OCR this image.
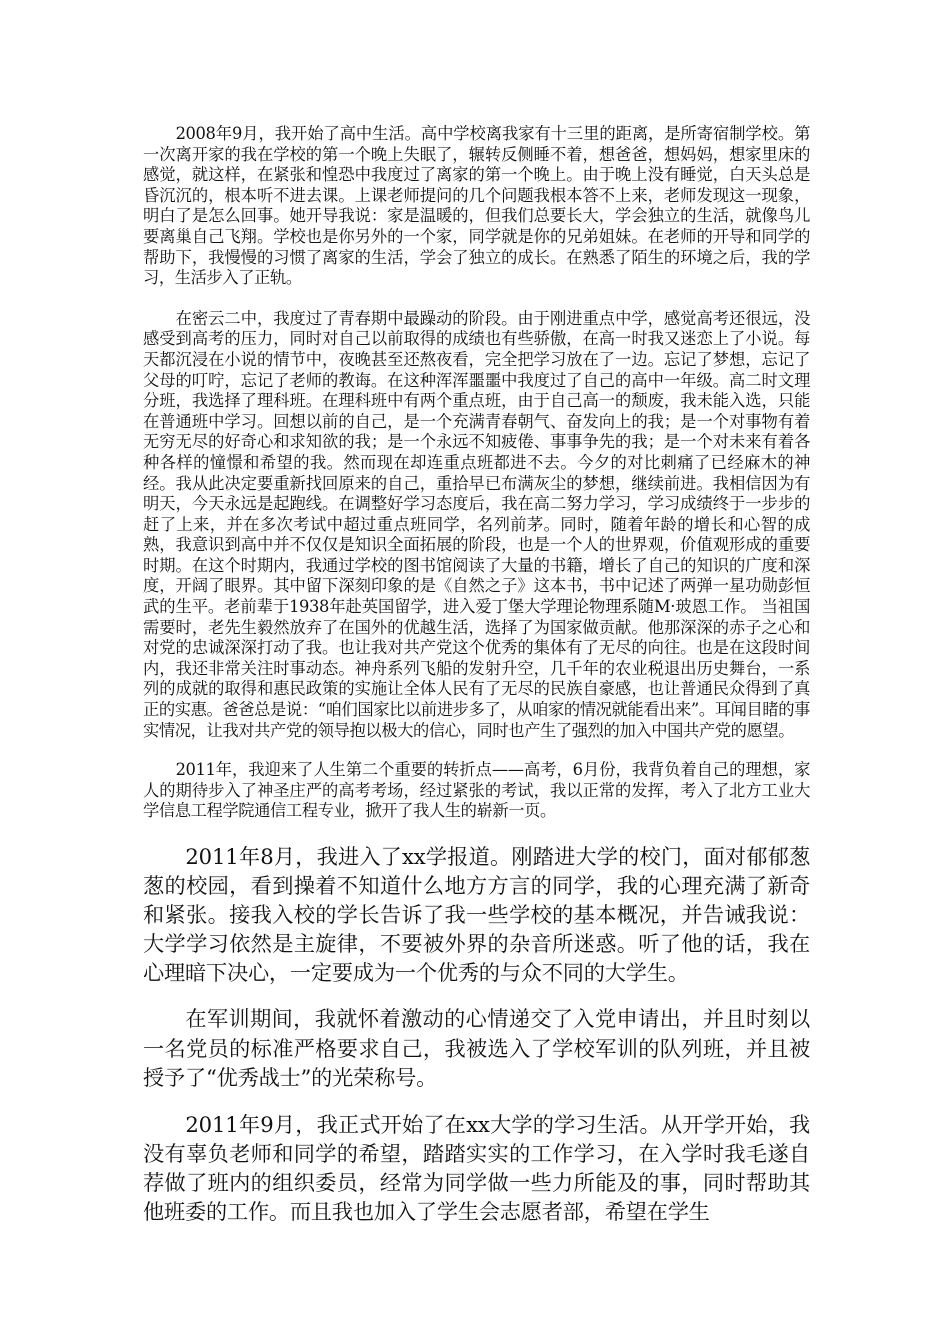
2008年9月，我开始了高中生活。高中学校离我家有十三里的距离，是所寄宿制学校。第一次离开家的我在学校的第一个晚上失眠了，辗转反侧睡不着，想爸爸，想妈妈，想家里床的感觉，就这样，在紧张和惶恐中我度过了离家的第一个晚上。由于晚上没有睡觉，白天头总是昏沉沉的，根本听不进去课。上课老师提问的几个问题我根本答不上来，老师发现这一现象，明白了是怎么回事。她开导我说：家是温暖的，但我们总要长大，学会独立的生活，就像鸟儿要离巢自己飞翔。学校也是你另外的一个家，同学就是你的兄弟姐妹。在老师的开导和同学的帮助下，我慢慢的习惯了离家的生活，学会了独立的成长。在熟悉了陌生的环境之后，我的学习，生活步入了正轨。

在密云二中，我度过了青春期中最躁动的阶段。由于刚进重点中学，感觉高考还很远，没感受到高考的压力，同时对自己以前取得的成绩也有些骄傲，在高一时我又迷恋上了小说。每天都沉浸在小说的情节中，夜晚甚至还熬夜看，完全把学习放在了一边。忘记了梦想，忘记了父母的叮咛，忘记了老师的教诲。在这种浑浑噩噩中我度过了自己的高中一年级。高二时文理分班，我选择了理科班。在理科班中有两个重点班，由于自己高一的颓废，我未能入选，只能在普通班中学习。回想以前的自己，是一个充满青春朝气、奋发向上的我；是一个对事物有着无穷无尽的好奇心和求知欲的我；是一个永远不知疲倦、事事争先的我；是一个对未来有着各种各样的憧憬和希望的我。然而现在却连重点班都进不去。今夕的对比刺痛了已经麻木的神经。我从此决定要重新找回原来的自己，重拾早已布满灰尘的梦想，继续前进。我相信因为有明天，今天永远是起跑线。在调整好学习态度后，我在高二努力学习，学习成绩终于一步步的赶了上来，并在多次考试中超过重点班同学，名列前茅。同时，随着年龄的增长和心智的成熟，我意识到高中并不仅仅是知识全面拓展的阶段，也是一个人的世界观，价值观形成的重要时期。在这个时期内，我通过学校的图书馆阅读了大量的书籍，增长了自己的知识的广度和深度，开阔了眼界。其中留下深刻印象的是《自然之子》这本书，书中记述了两弹一星功勋彭恒武的生平。老前辈于1938年赴英国留学，进入爱丁堡大学理论物理系随M·玻恩工作。 当祖国需要时，老先生毅然放弃了在国外的优越生活，选择了为国家做贡献。他那深深的赤子之心和对党的忠诚深深打动了我。也让我对共产党这个优秀的集体有了无尽的向往。也是在这段时间内，我还非常关注时事动态。神舟系列飞船的发射升空，几千年的农业税退出历史舞台，一系列的成就的取得和惠民政策的实施让全体人民有了无尽的民族自豪感，也让普通民众得到了真正的实惠。爸爸总是说：“咱们国家比以前进步多了，从咱家的情况就能看出来”。耳闻目睹的事实情况，让我对共产党的领导抱以极大的信心，同时也产生了强烈的加入中国共产党的愿望。

2011年，我迎来了人生第二个重要的转折点——高考，6月份，我背负着自己的理想，家人的期待步入了神圣庄严的高考考场，经过紧张的考试，我以正常的发挥，考入了北方工业大学信息工程学院通信工程专业，掀开了我人生的崭新一页。

2011年8月，我进入了xx学报道。刚踏进大学的校门，面对郁郁葱葱的校园，看到操着不知道什么地方方言的同学，我的心理充满了新奇和紧张。接我入校的学长告诉了我一些学校的基本概况，并告诫我说：大学学习依然是主旋律，不要被外界的杂音所迷惑。听了他的话，我在心理暗下决心，一定要成为一个优秀的与众不同的大学生。

在军训期间，我就怀着激动的心情递交了入党申请出，并且时刻以一名党员的标准严格要求自己，我被选入了学校军训的队列班，并且被授予了“优秀战士”的光荣称号。

2011年9月，我正式开始了在xx大学的学习生活。从开学开始，我没有辜负老师和同学的希望，踏踏实实的工作学习，在入学时我毛遂自荐做了班内的组织委员，经常为同学做一些力所能及的事，同时帮助其他班委的工作。而且我也加入了学生会志愿者部，希望在学生
